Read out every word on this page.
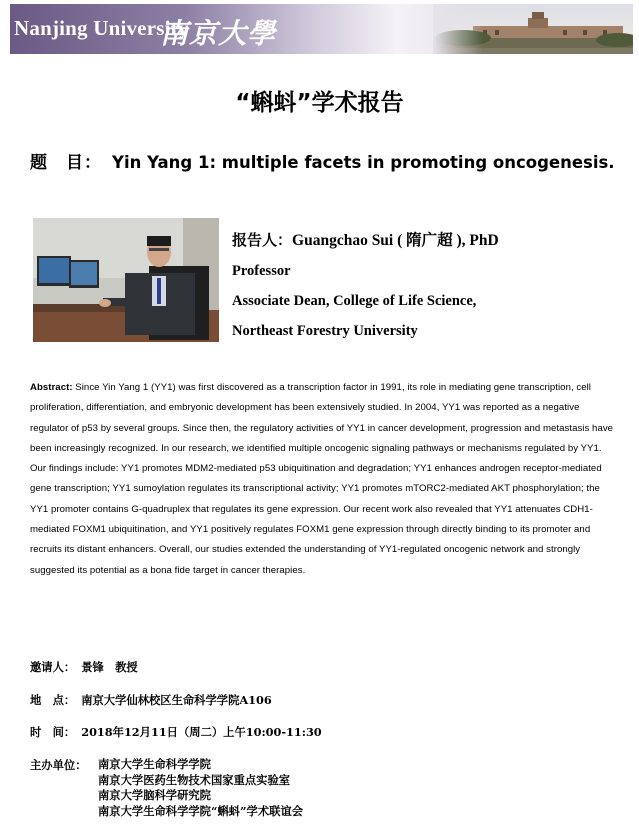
Nanjing University
南京大學
“蝌蚪”学术报告
题　目： Yin Yang 1: multiple facets in promoting oncogenesis.
报告人：Guangchao Sui ( 隋广超 ), PhD
Professor
Associate Dean, College of Life Science,
Northeast Forestry University
Abstract: Since Yin Yang 1 (YY1) was first discovered as a transcription factor in 1991, its role in mediating gene transcription, cell proliferation, differentiation, and embryonic development has been extensively studied. In 2004, YY1 was reported as a negative regulator of p53 by several groups. Since then, the regulatory activities of YY1 in cancer development, progression and metastasis have been increasingly recognized. In our research, we identified multiple oncogenic signaling pathways or mechanisms regulated by YY1. Our findings include: YY1 promotes MDM2-mediated p53 ubiquitination and degradation; YY1 enhances androgen receptor-mediated gene transcription; YY1 sumoylation regulates its transcriptional activity; YY1 promotes mTORC2-mediated AKT phosphorylation; the YY1 promoter contains G-quadruplex that regulates its gene expression. Our recent work also revealed that YY1 attenuates CDH1-mediated FOXM1 ubiquitination, and YY1 positively regulates FOXM1 gene expression through directly binding to its promoter and recruits its distant enhancers. Overall, our studies extended the understanding of YY1-regulated oncogenic network and strongly suggested its potential as a bona fide target in cancer therapies.
邀请人： 景锋　教授
地　点： 南京大学仙林校区生命科学学院A106
时　间： 2018年12月11日（周二）上午10:00-11:30
主办单位： 南京大学生命科学学院
南京大学医药生物技术国家重点实验室
南京大学脑科学研究院
南京大学生命科学学院“蝌蚪”学术联谊会
